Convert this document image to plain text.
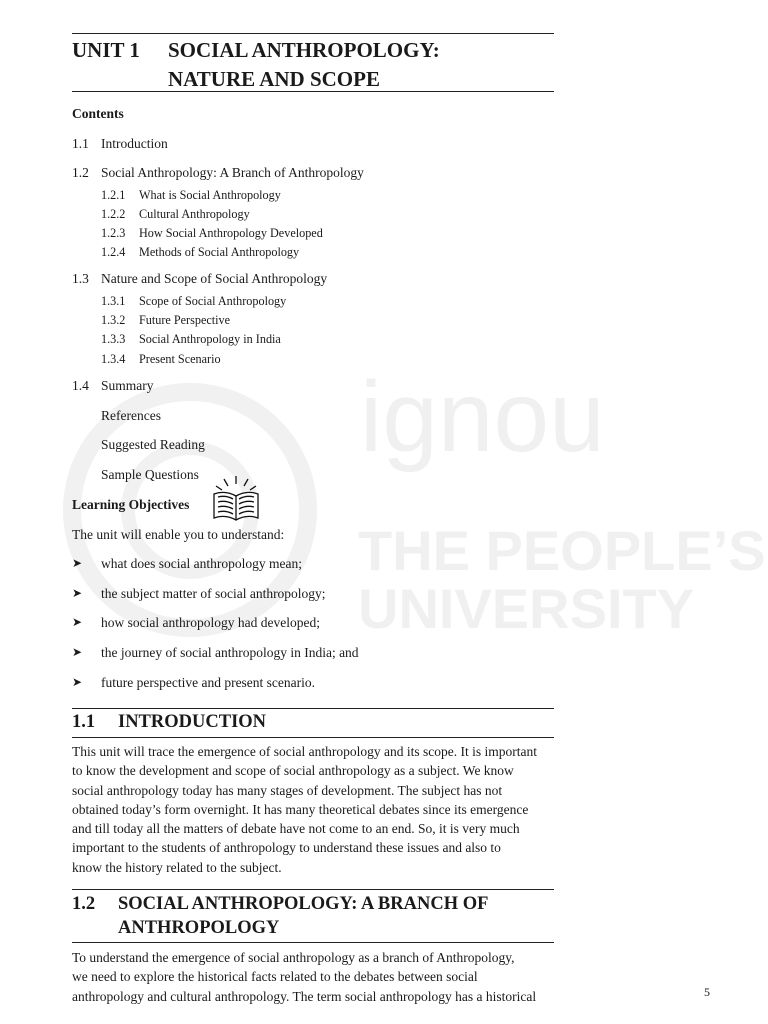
ignou
THE PEOPLE’S
UNIVERSITY
UNIT 1 SOCIAL ANTHROPOLOGY:
NATURE AND SCOPE
Contents
1.1 Introduction
1.2 Social Anthropology: A Branch of Anthropology
1.2.1 What is Social Anthropology
1.2.2 Cultural Anthropology
1.2.3 How Social Anthropology Developed
1.2.4 Methods of Social Anthropology
1.3 Nature and Scope of Social Anthropology
1.3.1 Scope of Social Anthropology
1.3.2 Future Perspective
1.3.3 Social Anthropology in India
1.3.4 Present Scenario
1.4 Summary
References
Suggested Reading
Sample Questions
Learning Objectives
The unit will enable you to understand:
➤ what does social anthropology mean;
➤ the subject matter of social anthropology;
➤ how social anthropology had developed;
➤ the journey of social anthropology in India; and
➤ future perspective and present scenario.
1.1 INTRODUCTION
This unit will trace the emergence of social anthropology and its scope. It is important
to know the development and scope of social anthropology as a subject. We know
social anthropology today has many stages of development. The subject has not
obtained today’s form overnight. It has many theoretical debates since its emergence
and till today all the matters of debate have not come to an end. So, it is very much
important to the students of anthropology to understand these issues and also to
know the history related to the subject.
1.2 SOCIAL ANTHROPOLOGY: A BRANCH OF
ANTHROPOLOGY
To understand the emergence of social anthropology as a branch of Anthropology,
we need to explore the historical facts related to the debates between social
anthropology and cultural anthropology. The term social anthropology has a historical	5
